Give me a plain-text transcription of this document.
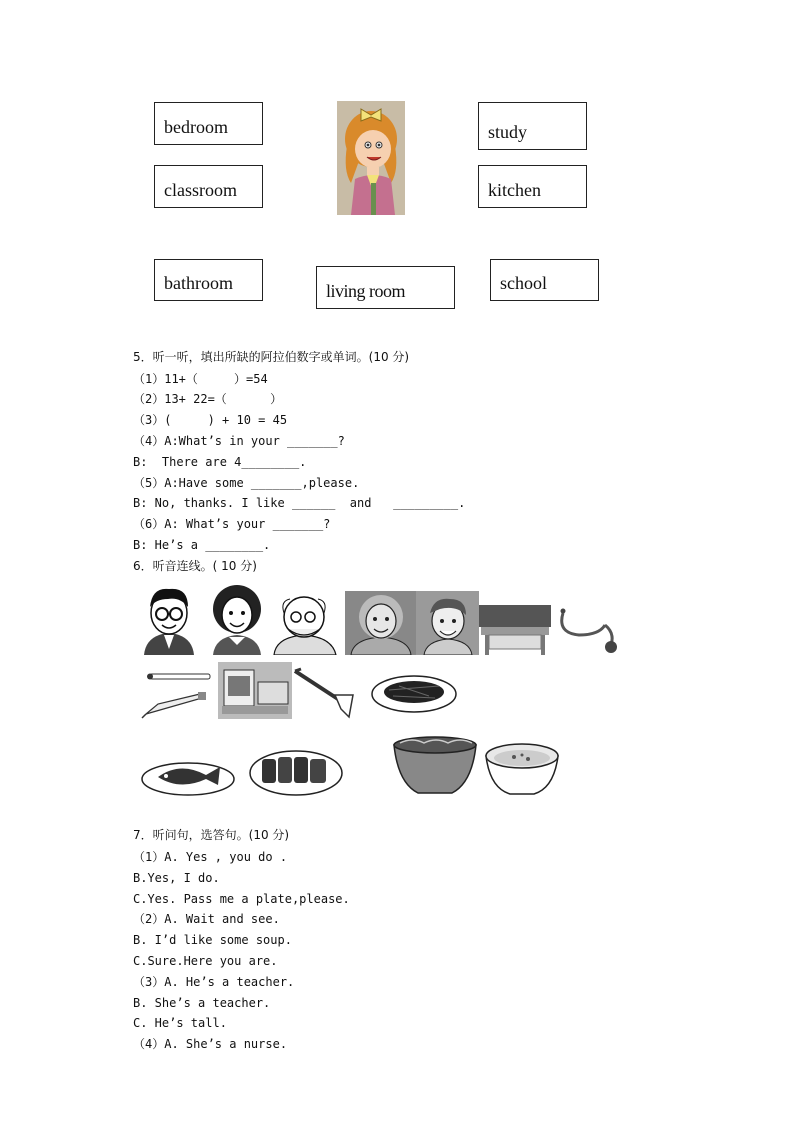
bedroom	study
classroom	kitchen
bathroom	living room	school
5．听一听，填出所缺的阿拉伯数字或单词。(10 分)
（1）11+（     ）=54
（2）13+ 22=（      ）
（3）(     ) + 10 = 45
（4）A:What’s in your _______?
B:  There are 4________.
（5）A:Have some _______,please.
B: No, thanks. I like ______  and   _________.
（6）A: What’s your _______?
B: He’s a ________.
6．听音连线。( 10 分)
7．听问句，选答句。(10 分)
（1）A. Yes , you do .
B.Yes, I do.
C.Yes. Pass me a plate,please.
（2）A. Wait and see.
B. I’d like some soup.
C.Sure.Here you are.
（3）A. He’s a teacher.
B. She’s a teacher.
C. He’s tall.
（4）A. She’s a nurse.
